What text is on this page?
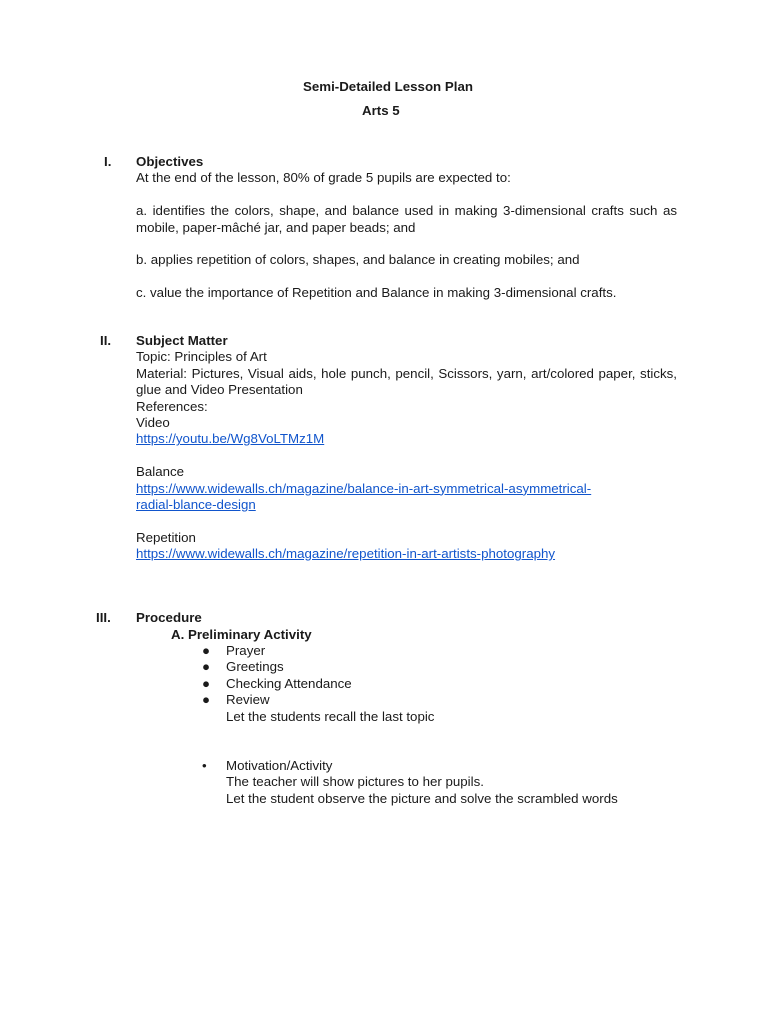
Semi-Detailed Lesson Plan
Arts 5
I. Objectives
At the end of the lesson, 80% of grade 5 pupils are expected to:
a. identifies the colors, shape, and balance used in making 3-dimensional crafts such as mobile, paper-mâché jar, and paper beads; and
b. applies repetition of colors, shapes, and balance in creating mobiles; and
c. value the importance of Repetition and Balance in making 3-dimensional crafts.
II. Subject Matter
Topic: Principles of Art
Material: Pictures, Visual aids, hole punch, pencil, Scissors, yarn, art/colored paper, sticks, glue and Video Presentation
References:
Video
https://youtu.be/Wg8VoLTMz1M
Balance
https://www.widewalls.ch/magazine/balance-in-art-symmetrical-asymmetrical-
radial-blance-design
Repetition
https://www.widewalls.ch/magazine/repetition-in-art-artists-photography
III. Procedure
A. Preliminary Activity
● Prayer
● Greetings
● Checking Attendance
● Review
Let the students recall the last topic
• Motivation/Activity
The teacher will show pictures to her pupils.
Let the student observe the picture and solve the scrambled words
